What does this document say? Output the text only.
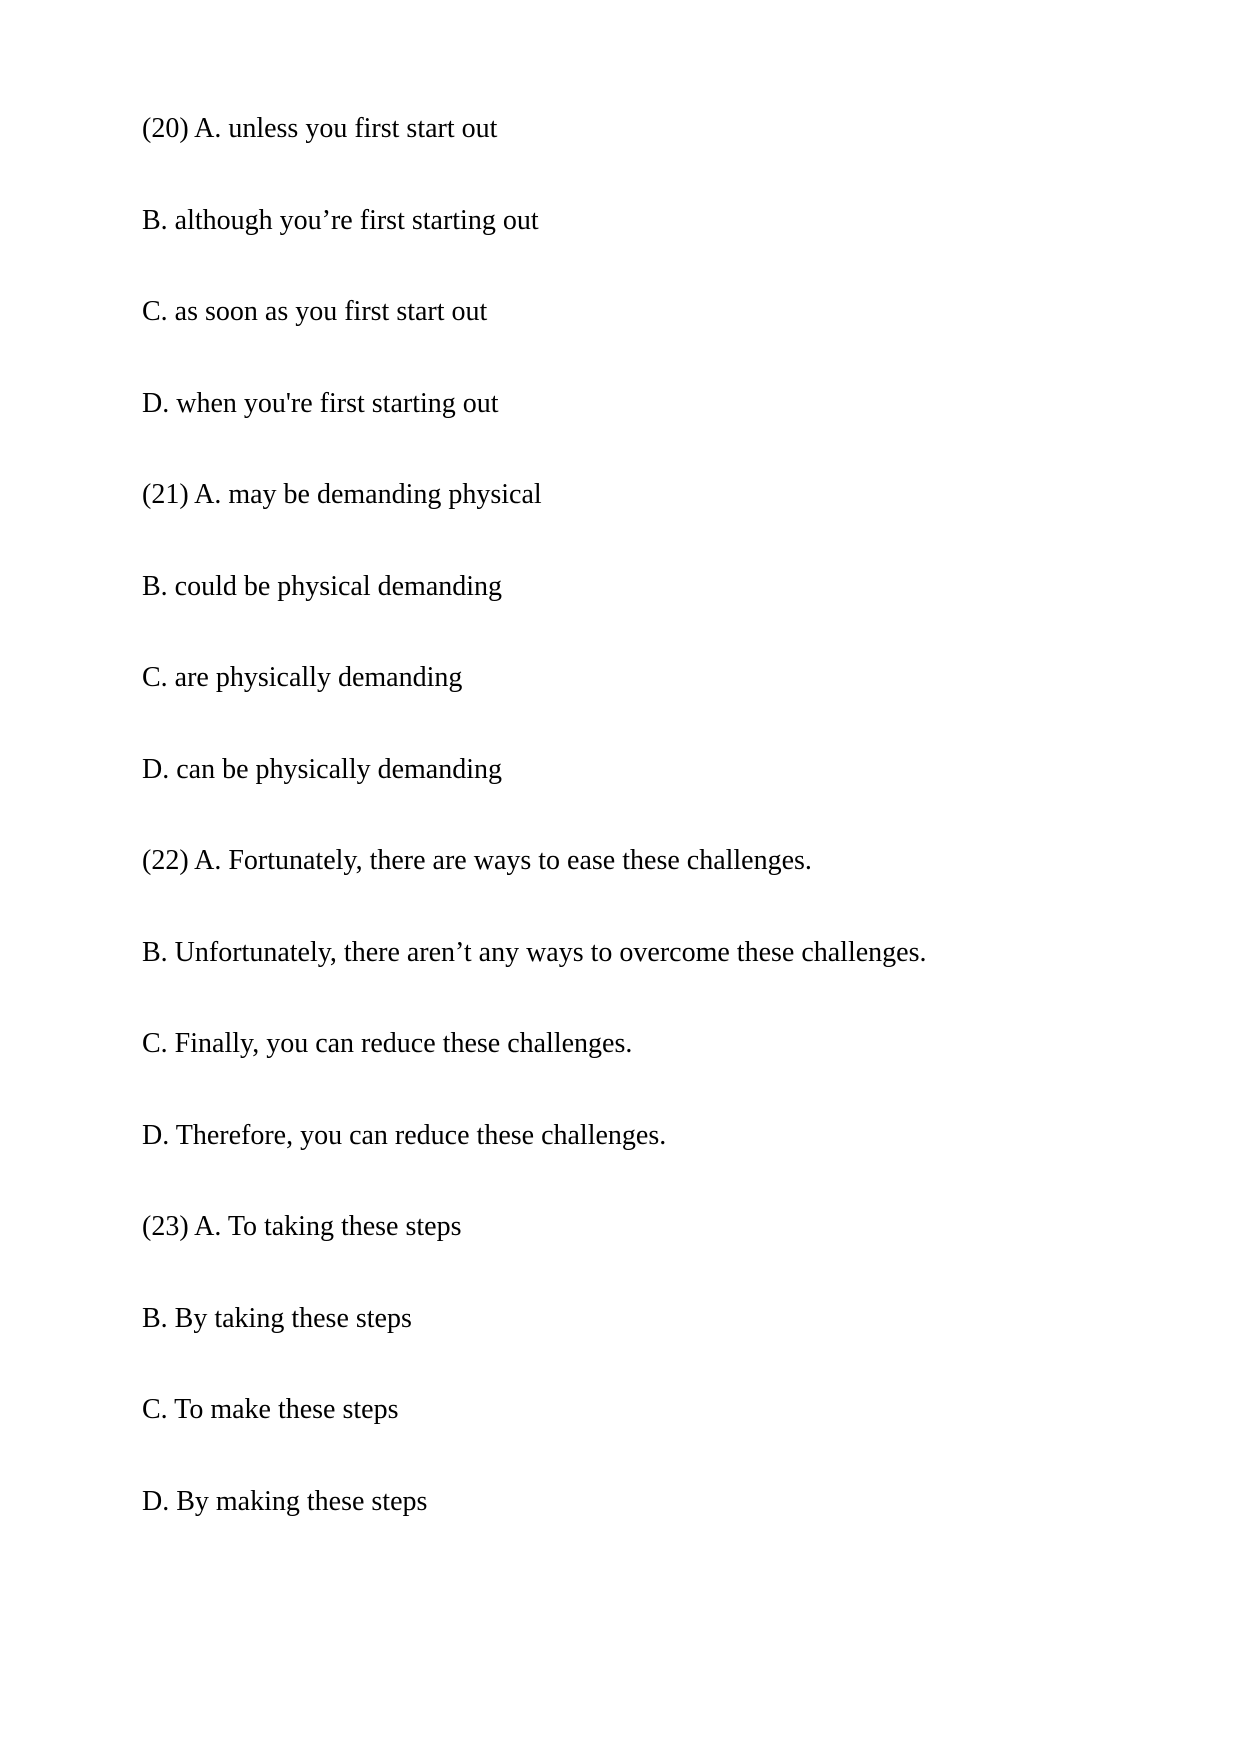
(20) A. unless you first start out

B. although you’re first starting out

C. as soon as you first start out

D. when you're first starting out

(21) A. may be demanding physical

B. could be physical demanding

C. are physically demanding

D. can be physically demanding

(22) A. Fortunately, there are ways to ease these challenges.

B. Unfortunately, there aren’t any ways to overcome these challenges.

C. Finally, you can reduce these challenges.

D. Therefore, you can reduce these challenges.

(23) A. To taking these steps

B. By taking these steps

C. To make these steps

D. By making these steps
